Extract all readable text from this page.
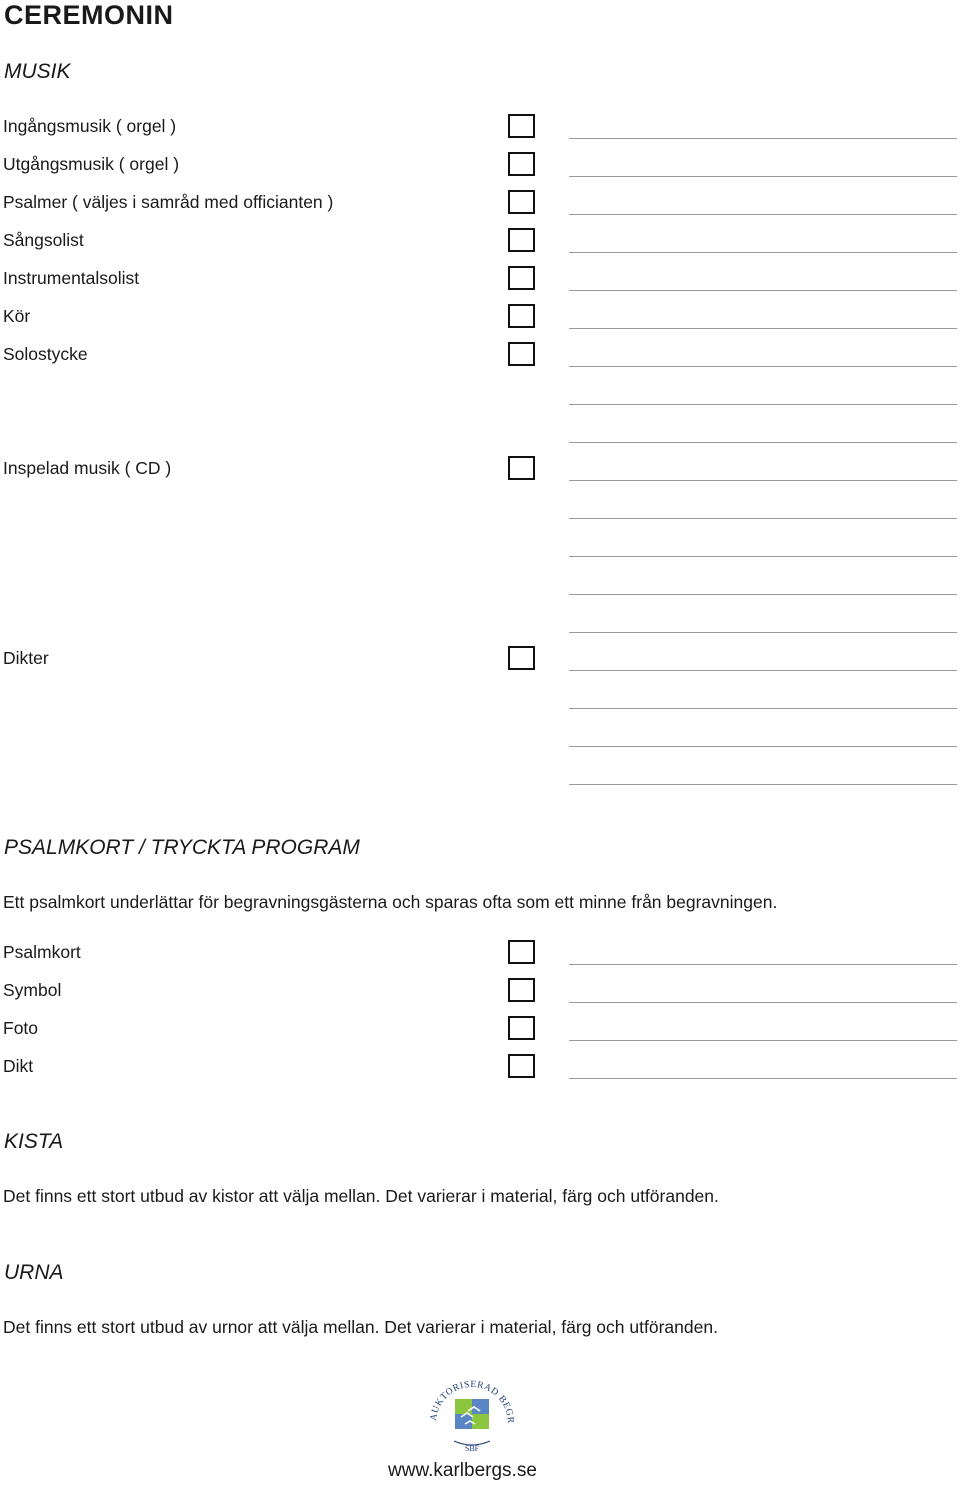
CEREMONIN
MUSIK
Ingångsmusik ( orgel )
Utgångsmusik ( orgel )
Psalmer ( väljes i samråd med officianten )
Sångsolist
Instrumentalsolist
Kör
Solostycke
Inspelad musik ( CD )
Dikter
PSALMKORT / TRYCKTA PROGRAM
Ett psalmkort underlättar för begravningsgästerna och sparas ofta som ett minne från begravningen.
Psalmkort
Symbol
Foto
Dikt
KISTA
Det finns ett stort utbud av kistor att välja mellan. Det varierar i material, färg och utföranden.
URNA
Det finns ett stort utbud av urnor att välja mellan. Det varierar i material, färg och utföranden.
AUKTORISERAD BEGR
SBF
www.karlbergs.se
